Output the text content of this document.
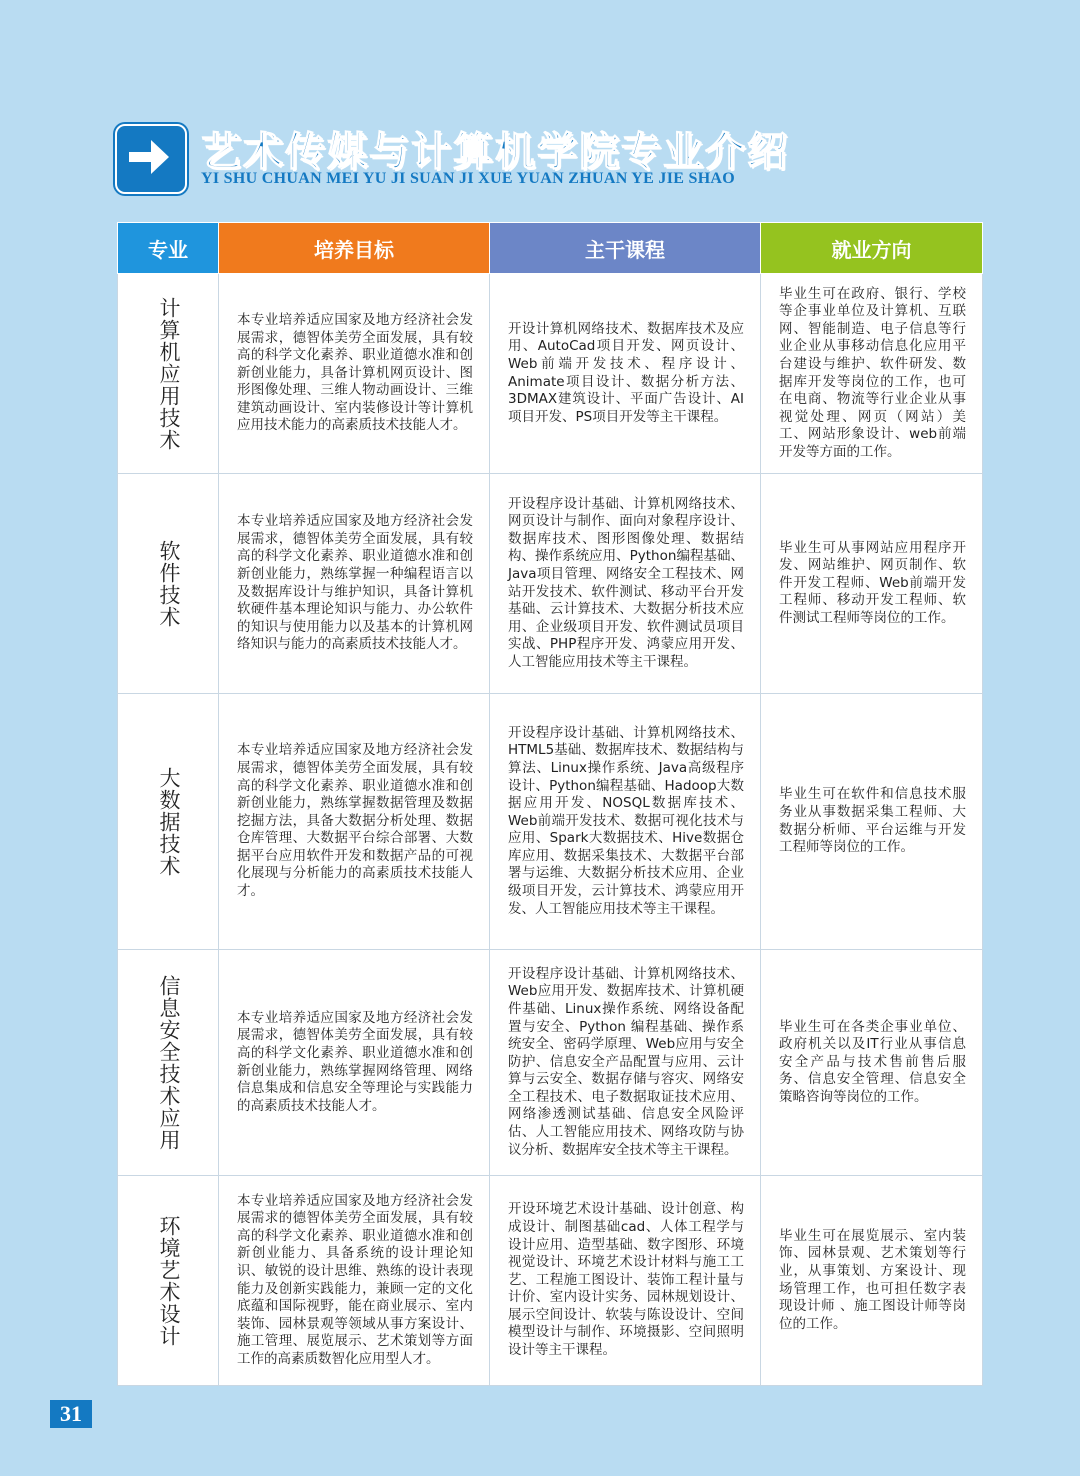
艺术传媒与计算机学院专业介绍
YI SHU CHUAN MEI YU JI SUAN JI XUE YUAN ZHUAN YE JIE SHAO
专业	培养目标	主干课程	就业方向

计算机应用技术	本专业培养适应国家及地方经济社会发展需求，德智体美劳全面发展，具有较高的科学文化素养、职业道德水准和创新创业能力，具备计算机网页设计、图形图像处理、三维人物动画设计、三维建筑动画设计、室内装修设计等计算机应用技术能力的高素质技术技能人才。	开设计算机网络技术、数据库技术及应用、AutoCad项目开发、网页设计、Web前端开发技术、程序设计、Animate项目设计、数据分析方法、3DMAX建筑设计、平面广告设计、AI项目开发、PS项目开发等主干课程。	毕业生可在政府、银行、学校等企事业单位及计算机、互联网、智能制造、电子信息等行业企业从事移动信息化应用平台建设与维护、软件研发、数据库开发等岗位的工作，也可在电商、物流等行业企业从事视觉处理、网页（网站）美工、网站形象设计、web前端开发等方面的工作。

软件技术	本专业培养适应国家及地方经济社会发展需求，德智体美劳全面发展，具有较高的科学文化素养、职业道德水准和创新创业能力，熟练掌握一种编程语言以及数据库设计与维护知识，具备计算机软硬件基本理论知识与能力、办公软件的知识与使用能力以及基本的计算机网络知识与能力的高素质技术技能人才。	开设程序设计基础、计算机网络技术、网页设计与制作、面向对象程序设计、数据库技术、图形图像处理、数据结构、操作系统应用、Python编程基础、Java项目管理、网络安全工程技术、网站开发技术、软件测试、移动平台开发基础、云计算技术、大数据分析技术应用、企业级项目开发、软件测试员项目实战、PHP程序开发、鸿蒙应用开发、人工智能应用技术等主干课程。	毕业生可从事网站应用程序开发、网站维护、网页制作、软件开发工程师、Web前端开发工程师、移动开发工程师、软件测试工程师等岗位的工作。

大数据技术	本专业培养适应国家及地方经济社会发展需求，德智体美劳全面发展，具有较高的科学文化素养、职业道德水准和创新创业能力，熟练掌握数据管理及数据挖掘方法，具备大数据分析处理、数据仓库管理、大数据平台综合部署、大数据平台应用软件开发和数据产品的可视化展现与分析能力的高素质技术技能人才。	开设程序设计基础、计算机网络技术、HTML5基础、数据库技术、数据结构与算法、Linux操作系统、Java高级程序设计、Python编程基础、Hadoop大数据应用开发、NOSQL数据库技术、Web前端开发技术、数据可视化技术与应用、Spark大数据技术、Hive数据仓库应用、数据采集技术、大数据平台部署与运维、大数据分析技术应用、企业级项目开发，云计算技术、鸿蒙应用开发、人工智能应用技术等主干课程。	毕业生可在软件和信息技术服务业从事数据采集工程师、大数据分析师、平台运维与开发工程师等岗位的工作。

信息安全技术应用	本专业培养适应国家及地方经济社会发展需求，德智体美劳全面发展，具有较高的科学文化素养、职业道德水准和创新创业能力，熟练掌握网络管理、网络信息集成和信息安全等理论与实践能力的高素质技术技能人才。	开设程序设计基础、计算机网络技术、Web应用开发、数据库技术、计算机硬件基础、Linux操作系统、网络设备配置与安全、Python 编程基础、操作系统安全、密码学原理、Web应用与安全防护、信息安全产品配置与应用、云计算与云安全、数据存储与容灾、网络安全工程技术、电子数据取证技术应用、网络渗透测试基础、信息安全风险评估、人工智能应用技术、网络攻防与协议分析、数据库安全技术等主干课程。	毕业生可在各类企事业单位、政府机关以及IT行业从事信息安全产品与技术售前售后服务、信息安全管理、信息安全策略咨询等岗位的工作。

环境艺术设计	本专业培养适应国家及地方经济社会发展需求的德智体美劳全面发展，具有较高的科学文化素养、职业道德水准和创新创业能力、具备系统的设计理论知识、敏锐的设计思维、熟练的设计表现能力及创新实践能力，兼顾一定的文化底蕴和国际视野，能在商业展示、室内装饰、园林景观等领域从事方案设计、施工管理、展览展示、艺术策划等方面工作的高素质数智化应用型人才。	开设环境艺术设计基础、设计创意、构成设计、制图基础cad、人体工程学与设计应用、造型基础、数字图形、环境视觉设计、环境艺术设计材料与施工工艺、工程施工图设计、装饰工程计量与计价、室内设计实务、园林规划设计、展示空间设计、软装与陈设设计、空间模型设计与制作、环境摄影、空间照明设计等主干课程。	毕业生可在展览展示、室内装饰、园林景观、艺术策划等行业，从事策划、方案设计、现场管理工作，也可担任数字表现设计师 、施工图设计师等岗位的工作。
31
